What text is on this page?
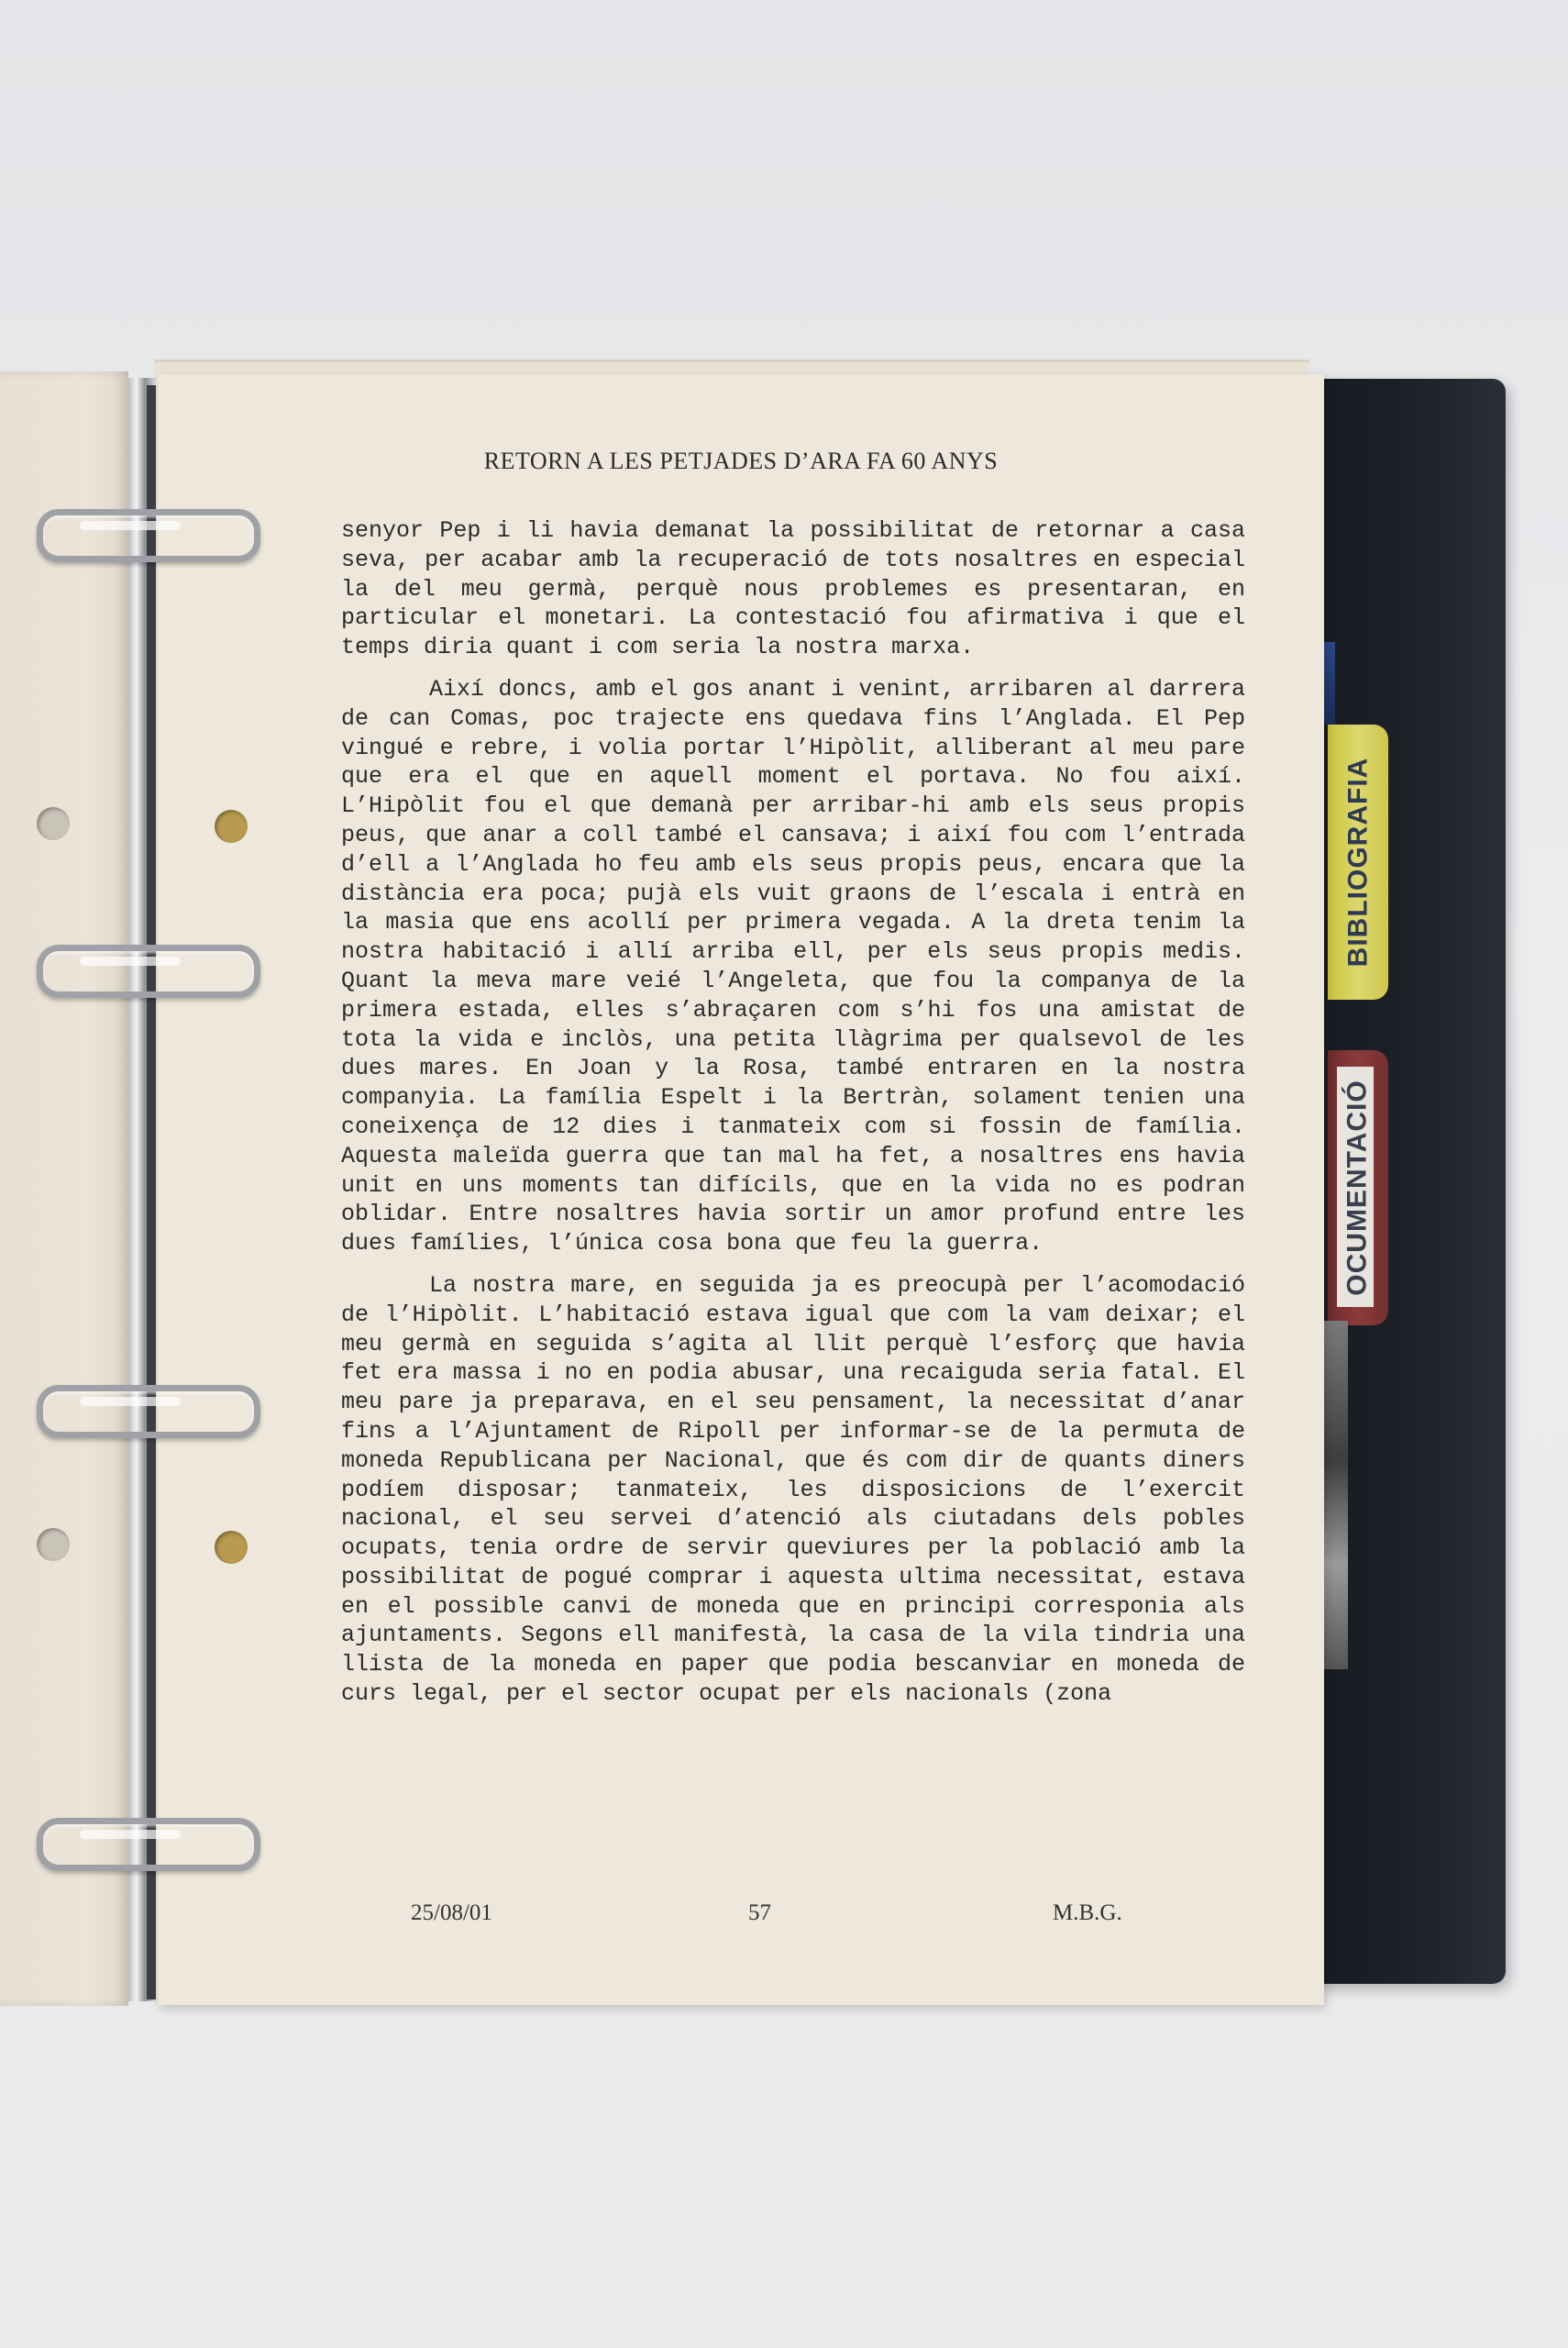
BIBLIOGRAFIA
OCUMENTACIÓ
RETORN A LES PETJADES D’ARA FA 60 ANYS

senyor Pep i li havia demanat la possibilitat de retornar a casa seva, per acabar amb la recuperació de tots nosaltres en especial la del meu germà, perquè nous problemes es presentaran, en particular el monetari. La contestació fou afirmativa i que el temps diria quant i com seria la nostra marxa.

Així doncs, amb el gos anant i venint, arribaren al darrera de can Comas, poc trajecte ens quedava fins l’Anglada. El Pep vingué e rebre, i volia portar l’Hipòlit, alliberant al meu pare que era el que en aquell moment el portava. No fou així. L’Hipòlit fou el que demanà per arribar-hi amb els seus propis peus, que anar a coll també el cansava; i així fou com l’entrada d’ell a l’Anglada ho feu amb els seus propis peus, encara que la distància era poca; pujà els vuit graons de l’escala i entrà en la masia que ens acollí per primera vegada. A la dreta tenim la nostra habitació i allí arriba ell, per els seus propis medis. Quant la meva mare veié l’Angeleta, que fou la companya de la primera estada, elles s’abraçaren com s’hi fos una amistat de tota la vida e inclòs, una petita llàgrima per qualsevol de les dues mares. En Joan y la Rosa, també entraren en la nostra companyia. La família Espelt i la Bertràn, solament tenien una coneixença de 12 dies i tanmateix com si fossin de família. Aquesta maleïda guerra que tan mal ha fet, a nosaltres ens havia unit en uns moments tan difícils, que en la vida no es podran oblidar. Entre nosaltres havia sortir un amor profund entre les dues famílies, l’única cosa bona que feu la guerra.

La nostra mare, en seguida ja es preocupà per l’acomodació de l’Hipòlit. L’habitació estava igual que com la vam deixar; el meu germà en seguida s’agita al llit perquè l’esforç que havia fet era massa i no en podia abusar, una recaiguda seria fatal. El meu pare ja preparava, en el seu pensament, la necessitat d’anar fins a l’Ajuntament de Ripoll per informar-se de la permuta de moneda Republicana per Nacional, que és com dir de quants diners podíem disposar; tanmateix, les disposicions de l’exercit nacional, el seu servei d’atenció als ciutadans dels pobles ocupats, tenia ordre de servir queviures per la població amb la possibilitat de pogué comprar i aquesta ultima necessitat, estava en el possible canvi de moneda que en principi corresponia als ajuntaments. Segons ell manifestà, la casa de la vila tindria una llista de la moneda en paper que podia bescanviar en moneda de curs legal, per el sector ocupat per els nacionals (zona

25/08/01	57	M.B.G.
